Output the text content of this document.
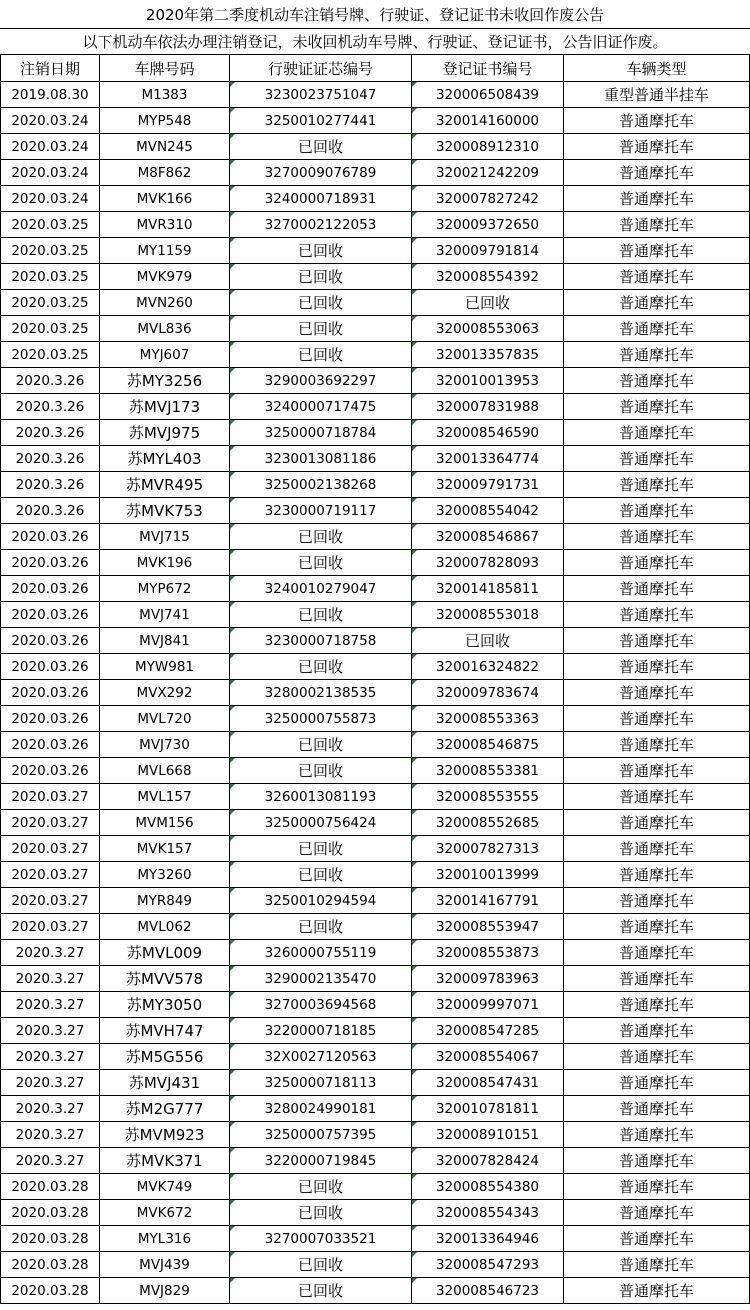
2020年第二季度机动车注销号牌、行驶证、登记证书未收回作废公告
以下机动车依法办理注销登记，未收回机动车号牌、行驶证、登记证书，公告旧证作废。
注销日期	车牌号码	行驶证证芯编号	登记证书编号	车辆类型
2019.08.30	M1383	3230023751047	320006508439	重型普通半挂车
2020.03.24	MYP548	3250010277441	320014160000	普通摩托车
2020.03.24	MVN245	已回收	320008912310	普通摩托车
2020.03.24	M8F862	3270009076789	320021242209	普通摩托车
2020.03.24	MVK166	3240000718931	320007827242	普通摩托车
2020.03.25	MVR310	3270002122053	320009372650	普通摩托车
2020.03.25	MY1159	已回收	320009791814	普通摩托车
2020.03.25	MVK979	已回收	320008554392	普通摩托车
2020.03.25	MVN260	已回收	已回收	普通摩托车
2020.03.25	MVL836	已回收	320008553063	普通摩托车
2020.03.25	MYJ607	已回收	320013357835	普通摩托车
2020.3.26	苏MY3256	3290003692297	320010013953	普通摩托车
2020.3.26	苏MVJ173	3240000717475	320007831988	普通摩托车
2020.3.26	苏MVJ975	3250000718784	320008546590	普通摩托车
2020.3.26	苏MYL403	3230013081186	320013364774	普通摩托车
2020.3.26	苏MVR495	3250002138268	320009791731	普通摩托车
2020.3.26	苏MVK753	3230000719117	320008554042	普通摩托车
2020.03.26	MVJ715	已回收	320008546867	普通摩托车
2020.03.26	MVK196	已回收	320007828093	普通摩托车
2020.03.26	MYP672	3240010279047	320014185811	普通摩托车
2020.03.26	MVJ741	已回收	320008553018	普通摩托车
2020.03.26	MVJ841	3230000718758	已回收	普通摩托车
2020.03.26	MYW981	已回收	320016324822	普通摩托车
2020.03.26	MVX292	3280002138535	320009783674	普通摩托车
2020.03.26	MVL720	3250000755873	320008553363	普通摩托车
2020.03.26	MVJ730	已回收	320008546875	普通摩托车
2020.03.26	MVL668	已回收	320008553381	普通摩托车
2020.03.27	MVL157	3260013081193	320008553555	普通摩托车
2020.03.27	MVM156	3250000756424	320008552685	普通摩托车
2020.03.27	MVK157	已回收	320007827313	普通摩托车
2020.03.27	MY3260	已回收	320010013999	普通摩托车
2020.03.27	MYR849	3250010294594	320014167791	普通摩托车
2020.03.27	MVL062	已回收	320008553947	普通摩托车
2020.3.27	苏MVL009	3260000755119	320008553873	普通摩托车
2020.3.27	苏MVV578	3290002135470	320009783963	普通摩托车
2020.3.27	苏MY3050	3270003694568	320009997071	普通摩托车
2020.3.27	苏MVH747	3220000718185	320008547285	普通摩托车
2020.3.27	苏M5G556	32X0027120563	320008554067	普通摩托车
2020.3.27	苏MVJ431	3250000718113	320008547431	普通摩托车
2020.3.27	苏M2G777	3280024990181	320010781811	普通摩托车
2020.3.27	苏MVM923	3250000757395	320008910151	普通摩托车
2020.3.27	苏MVK371	3220000719845	320007828424	普通摩托车
2020.03.28	MVK749	已回收	320008554380	普通摩托车
2020.03.28	MVK672	已回收	320008554343	普通摩托车
2020.03.28	MYL316	3270007033521	320013364946	普通摩托车
2020.03.28	MVJ439	已回收	320008547293	普通摩托车
2020.03.28	MVJ829	已回收	320008546723	普通摩托车
